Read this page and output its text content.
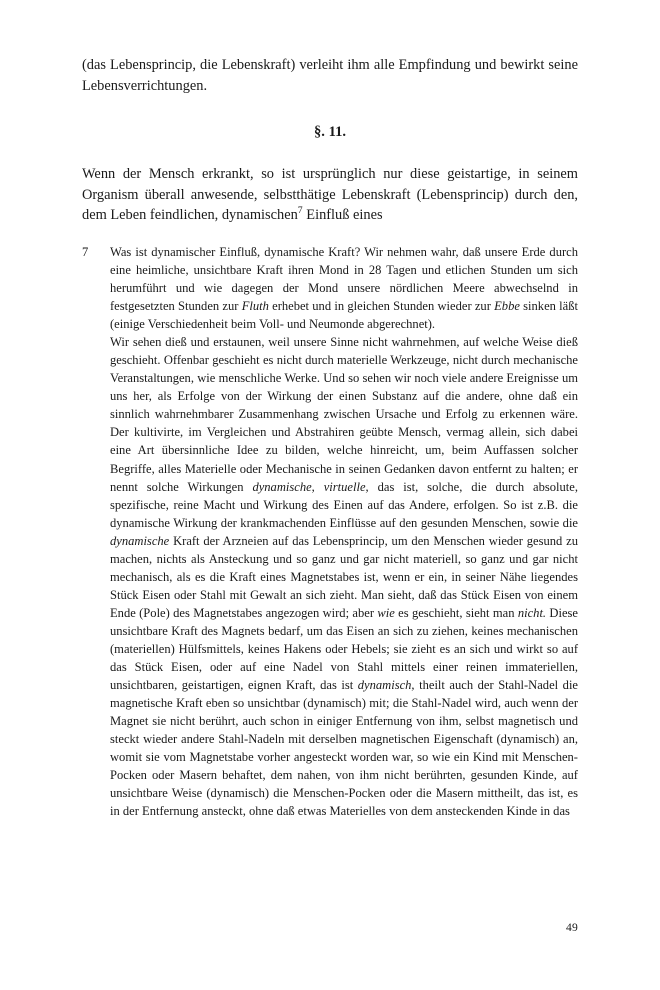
(das Lebensprincip, die Lebenskraft) verleiht ihm alle Empfindung und bewirkt seine Lebensverrichtungen.

§. 11.

Wenn der Mensch erkrankt, so ist ursprünglich nur diese geistartige, in seinem Organism überall anwesende, selbstthätige Lebenskraft (Lebensprincip) durch den, dem Leben feindlichen, dynamischen$^7$ Einfluß eines

7	Was ist dynamischer Einfluß, dynamische Kraft? Wir nehmen wahr, daß unsere Erde durch eine heimliche, unsichtbare Kraft ihren Mond in 28 Tagen und etlichen Stunden um sich herumführt und wie dagegen der Mond unsere nördlichen Meere abwechselnd in festgesetzten Stunden zur Fluth erhebet und in gleichen Stunden wieder zur Ebbe sinken läßt (einige Verschiedenheit beim Voll- und Neumonde abgerechnet).

Wir sehen dieß und erstaunen, weil unsere Sinne nicht wahrnehmen, auf welche Weise dieß geschieht. Offenbar geschieht es nicht durch materielle Werkzeuge, nicht durch mechanische Veranstaltungen, wie menschliche Werke. Und so sehen wir noch viele andere Ereignisse um uns her, als Erfolge von der Wirkung der einen Substanz auf die andere, ohne daß ein sinnlich wahrnehmbarer Zusammenhang zwischen Ursache und Erfolg zu erkennen wäre. Der kultivirte, im Vergleichen und Abstrahiren geübte Mensch, vermag allein, sich dabei eine Art übersinnliche Idee zu bilden, welche hinreicht, um, beim Auffassen solcher Begriffe, alles Materielle oder Mechanische in seinen Gedanken davon entfernt zu halten; er nennt solche Wirkungen dynamische, virtuelle, das ist, solche, die durch absolute, spezifische, reine Macht und Wirkung des Einen auf das Andere, erfolgen. So ist z.B. die dynamische Wirkung der krankmachenden Einflüsse auf den gesunden Menschen, sowie die dynamische Kraft der Arzneien auf das Lebensprincip, um den Menschen wieder gesund zu machen, nichts als Ansteckung und so ganz und gar nicht materiell, so ganz und gar nicht mechanisch, als es die Kraft eines Magnetstabes ist, wenn er ein, in seiner Nähe liegendes Stück Eisen oder Stahl mit Gewalt an sich zieht. Man sieht, daß das Stück Eisen von einem Ende (Pole) des Magnetstabes angezogen wird; aber wie es geschieht, sieht man nicht. Diese unsichtbare Kraft des Magnets bedarf, um das Eisen an sich zu ziehen, keines mechanischen (materiellen) Hülfsmittels, keines Hakens oder Hebels; sie zieht es an sich und wirkt so auf das Stück Eisen, oder auf eine Nadel von Stahl mittels einer reinen immateriellen, unsichtbaren, geistartigen, eignen Kraft, das ist dynamisch, theilt auch der Stahl-Nadel die magnetische Kraft eben so unsichtbar (dynamisch) mit; die Stahl-Nadel wird, auch wenn der Magnet sie nicht berührt, auch schon in einiger Entfernung von ihm, selbst magnetisch und steckt wieder andere Stahl-Nadeln mit derselben magnetischen Eigenschaft (dynamisch) an, womit sie vom Magnetstabe vorher angesteckt worden war, so wie ein Kind mit Menschen-Pocken oder Masern behaftet, dem nahen, von ihm nicht berührten, gesunden Kinde, auf unsichtbare Weise (dynamisch) die Menschen-Pocken oder die Masern mittheilt, das ist, es in der Entfernung ansteckt, ohne daß etwas Materielles von dem ansteckenden Kinde in das

49
